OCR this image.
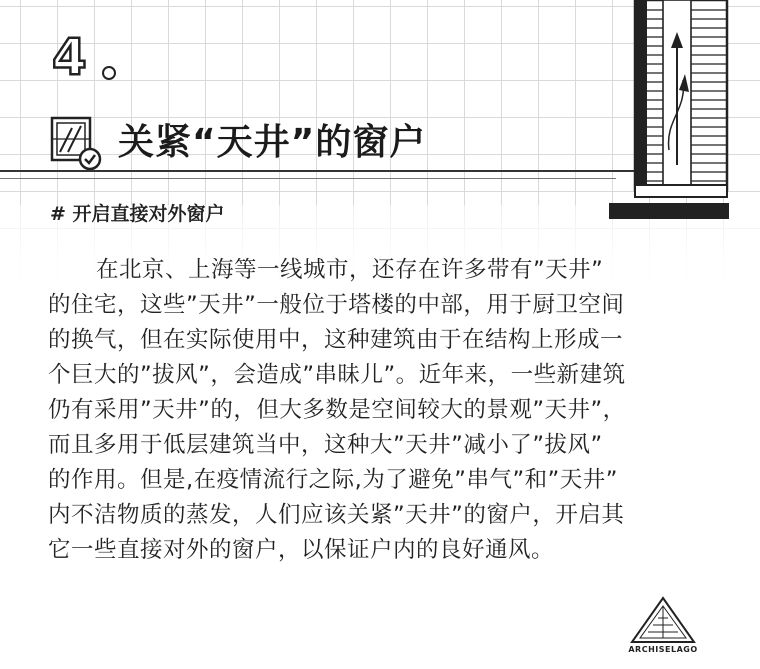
4
关紧“天井”的窗户
# 开启直接对外窗户
在北京、上海等一线城市，还存在许多带有”天井”
的住宅，这些”天井”一般位于塔楼的中部，用于厨卫空间
的换气，但在实际使用中，这种建筑由于在结构上形成一
个巨大的”拔风”，会造成”串昧儿”。近年来，一些新建筑
仍有采用”天井”的，但大多数是空间较大的景观”天井”，
而且多用于低层建筑当中，这种大”天井”减小了”拔风”
的作用。但是,在疫情流行之际,为了避免”串气”和”天井”
内不洁物质的蒸发，人们应该关紧”天井”的窗户，开启其
它一些直接对外的窗户，以保证户内的良好通风。
ARCHISELAGO
